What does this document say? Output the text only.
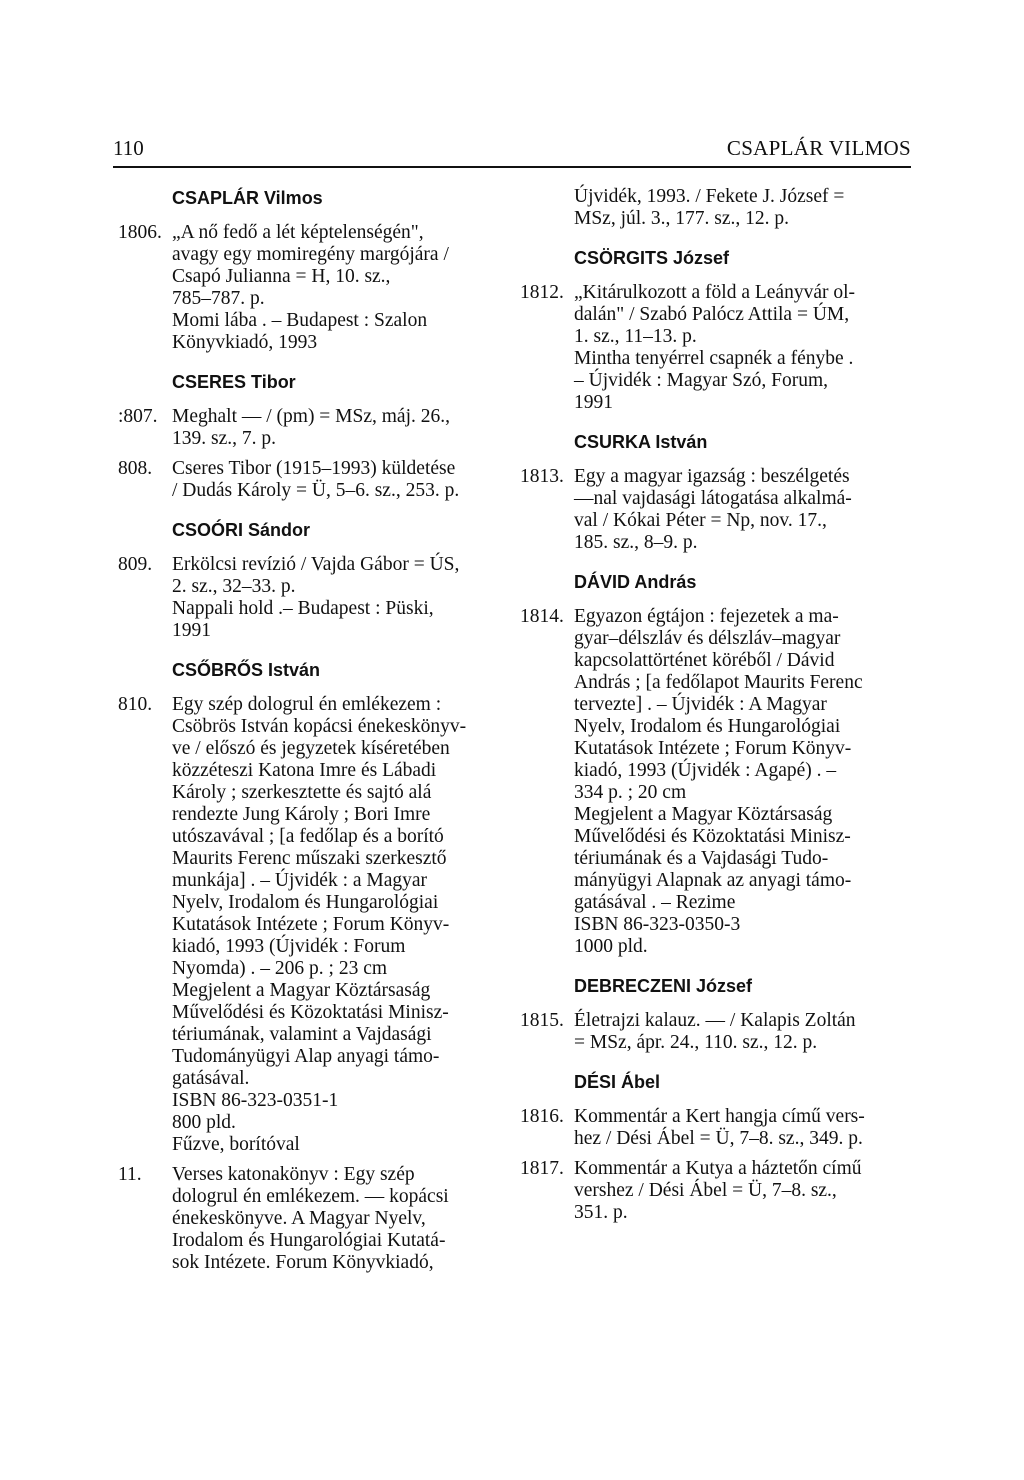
110	CSAPLÁR VILMOS
CSAPLÁR Vilmos
1806. „A nő fedő a lét képtelenségén",
avagy egy momiregény margójára /
Csapó Julianna = H, 10. sz.,
785–787. p.
Momi lába . – Budapest : Szalon
Könyvkiadó, 1993
CSERES Tibor
:807. Meghalt — / (pm) = MSz, máj. 26.,
139. sz., 7. p.
808.	Cseres Tibor (1915–1993) küldetése
/ Dudás Károly = Ü, 5–6. sz., 253. p.
CSOÓRI Sándor
809.	Erkölcsi revízió / Vajda Gábor = ÚS,
2. sz., 32–33. p.
Nappali hold .– Budapest : Püski,
1991
CSŐBRŐS István
810.	Egy szép dologrul én emlékezem :
Csöbrös István kopácsi énekeskönyv-
ve / előszó és jegyzetek kíséretében
közzéteszi Katona Imre és Lábadi
Károly ; szerkesztette és sajtó alá
rendezte Jung Károly ; Bori Imre
utószavával ; [a fedőlap és a borító
Maurits Ferenc műszaki szerkesztő
munkája] . – Újvidék : a Magyar
Nyelv, Irodalom és Hungarológiai
Kutatások Intézete ; Forum Könyv-
kiadó, 1993 (Újvidék : Forum
Nyomda) . – 206 p. ; 23 cm
Megjelent a Magyar Köztársaság
Művelődési és Közoktatási Minisz-
tériumának, valamint a Vajdasági
Tudományügyi Alap anyagi támo-
gatásával.
ISBN 86-323-0351-1
800 pld.
Fűzve, borítóval
11.	Verses katonakönyv : Egy szép
dologrul én emlékezem. — kopácsi
énekeskönyve. A Magyar Nyelv,
Irodalom és Hungarológiai Kutatá-
sok Intézete. Forum Könyvkiadó,
Újvidék, 1993. / Fekete J. József =
MSz, júl. 3., 177. sz., 12. p.
CSÖRGITS József
1812. „Kitárulkozott a föld a Leányvár ol-
dalán" / Szabó Palócz Attila = ÚM,
1. sz., 11–13. p.
Mintha tenyérrel csapnék a fénybe .
– Újvidék : Magyar Szó, Forum,
1991
CSURKA István
1813. Egy a magyar igazság : beszélgetés
—nal vajdasági látogatása alkalmá-
val / Kókai Péter = Np, nov. 17.,
185. sz., 8–9. p.
DÁVID András
1814. Egyazon égtájon : fejezetek a ma-
gyar–délszláv és délszláv–magyar
kapcsolattörténet köréből / Dávid
András ; [a fedőlapot Maurits Ferenc
tervezte] . – Újvidék : A Magyar
Nyelv, Irodalom és Hungarológiai
Kutatások Intézete ; Forum Könyv-
kiadó, 1993 (Újvidék : Agapé) . –
334 p. ; 20 cm
Megjelent a Magyar Köztársaság
Művelődési és Közoktatási Minisz-
tériumának és a Vajdasági Tudo-
mányügyi Alapnak az anyagi támo-
gatásával . – Rezime
ISBN 86-323-0350-3
1000 pld.
DEBRECZENI József
1815. Életrajzi kalauz. — / Kalapis Zoltán
= MSz, ápr. 24., 110. sz., 12. p.
DÉSI Ábel
1816. Kommentár a Kert hangja című vers-
hez / Dési Ábel = Ü, 7–8. sz., 349. p.
1817. Kommentár a Kutya a háztetőn című
vershez / Dési Ábel = Ü, 7–8. sz.,
351. p.
